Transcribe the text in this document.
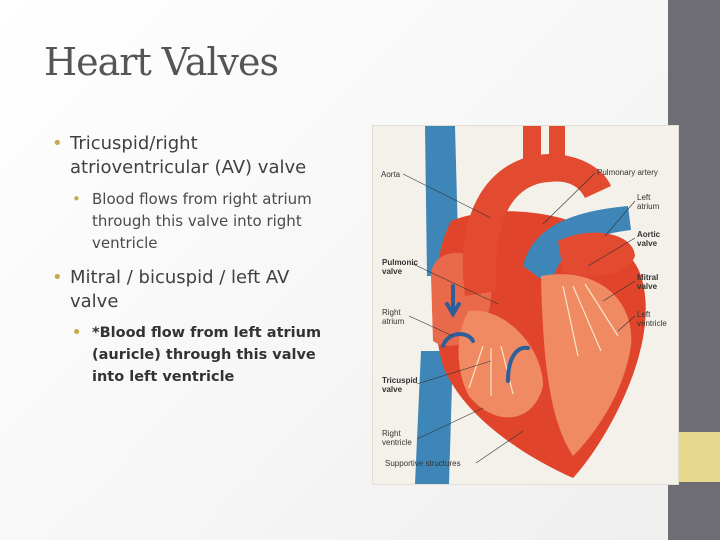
Heart Valves
• Tricuspid/right
atrioventricular (AV) valve
• Blood flows from right atrium
through this valve into right
ventricle
• Mitral / bicuspid / left AV
valve
• *Blood flow from left atrium
(auricle) through this valve
into left ventricle
Aorta	Pulmonary artery
Left
atrium
Aortic
valve
Pulmonic
valve
Mitral
valve
Right
atrium
Left
ventricle
Tricuspid
valve
Right
ventricle
Supportive structures
